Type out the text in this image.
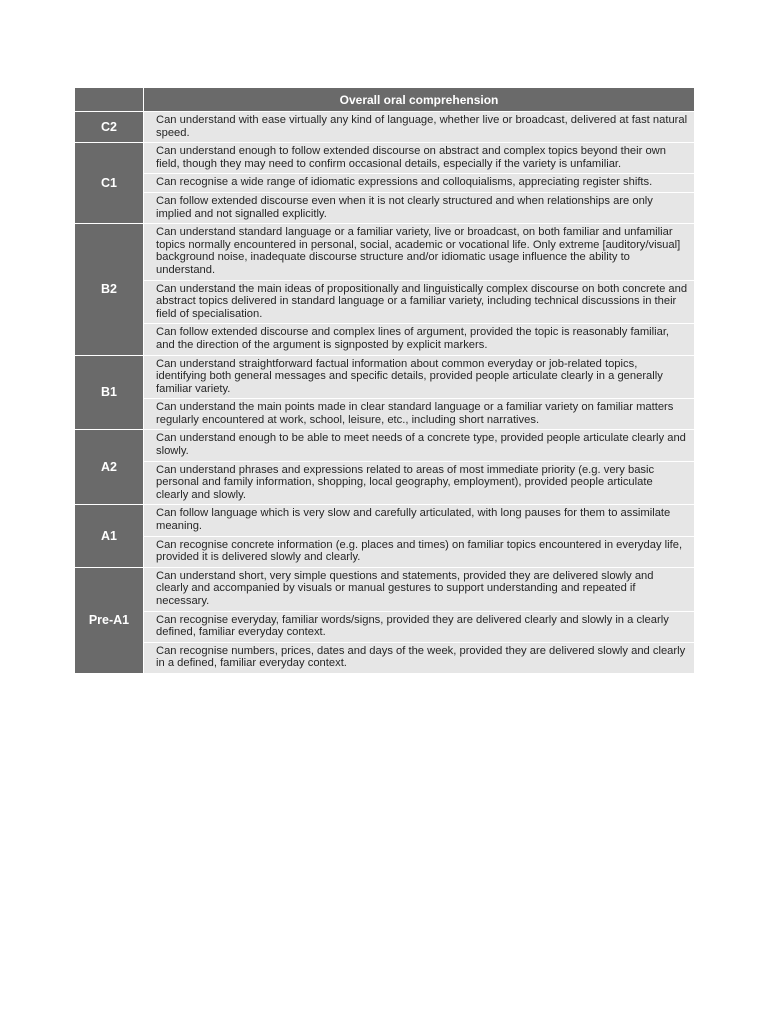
Overall oral comprehension
C2
Can understand with ease virtually any kind of language, whether live or broadcast, delivered at fast natural speed.
C1
Can understand enough to follow extended discourse on abstract and complex topics beyond their own field, though they may need to confirm occasional details, especially if the variety is unfamiliar.
Can recognise a wide range of idiomatic expressions and colloquialisms, appreciating register shifts.
Can follow extended discourse even when it is not clearly structured and when relationships are only implied and not signalled explicitly.
B2
Can understand standard language or a familiar variety, live or broadcast, on both familiar and unfamiliar topics normally encountered in personal, social, academic or vocational life. Only extreme [auditory/visual] background noise, inadequate discourse structure and/or idiomatic usage influence the ability to understand.
Can understand the main ideas of propositionally and linguistically complex discourse on both concrete and abstract topics delivered in standard language or a familiar variety, including technical discussions in their field of specialisation.
Can follow extended discourse and complex lines of argument, provided the topic is reasonably familiar, and the direction of the argument is signposted by explicit markers.
B1
Can understand straightforward factual information about common everyday or job-related topics, identifying both general messages and specific details, provided people articulate clearly in a generally familiar variety.
Can understand the main points made in clear standard language or a familiar variety on familiar matters regularly encountered at work, school, leisure, etc., including short narratives.
A2
Can understand enough to be able to meet needs of a concrete type, provided people articulate clearly and slowly.
Can understand phrases and expressions related to areas of most immediate priority (e.g. very basic personal and family information, shopping, local geography, employment), provided people articulate clearly and slowly.
A1
Can follow language which is very slow and carefully articulated, with long pauses for them to assimilate meaning.
Can recognise concrete information (e.g. places and times) on familiar topics encountered in everyday life, provided it is delivered slowly and clearly.
Pre-A1
Can understand short, very simple questions and statements, provided they are delivered slowly and clearly and accompanied by visuals or manual gestures to support understanding and repeated if necessary.
Can recognise everyday, familiar words/signs, provided they are delivered clearly and slowly in a clearly defined, familiar everyday context.
Can recognise numbers, prices, dates and days of the week, provided they are delivered slowly and clearly in a defined, familiar everyday context.
